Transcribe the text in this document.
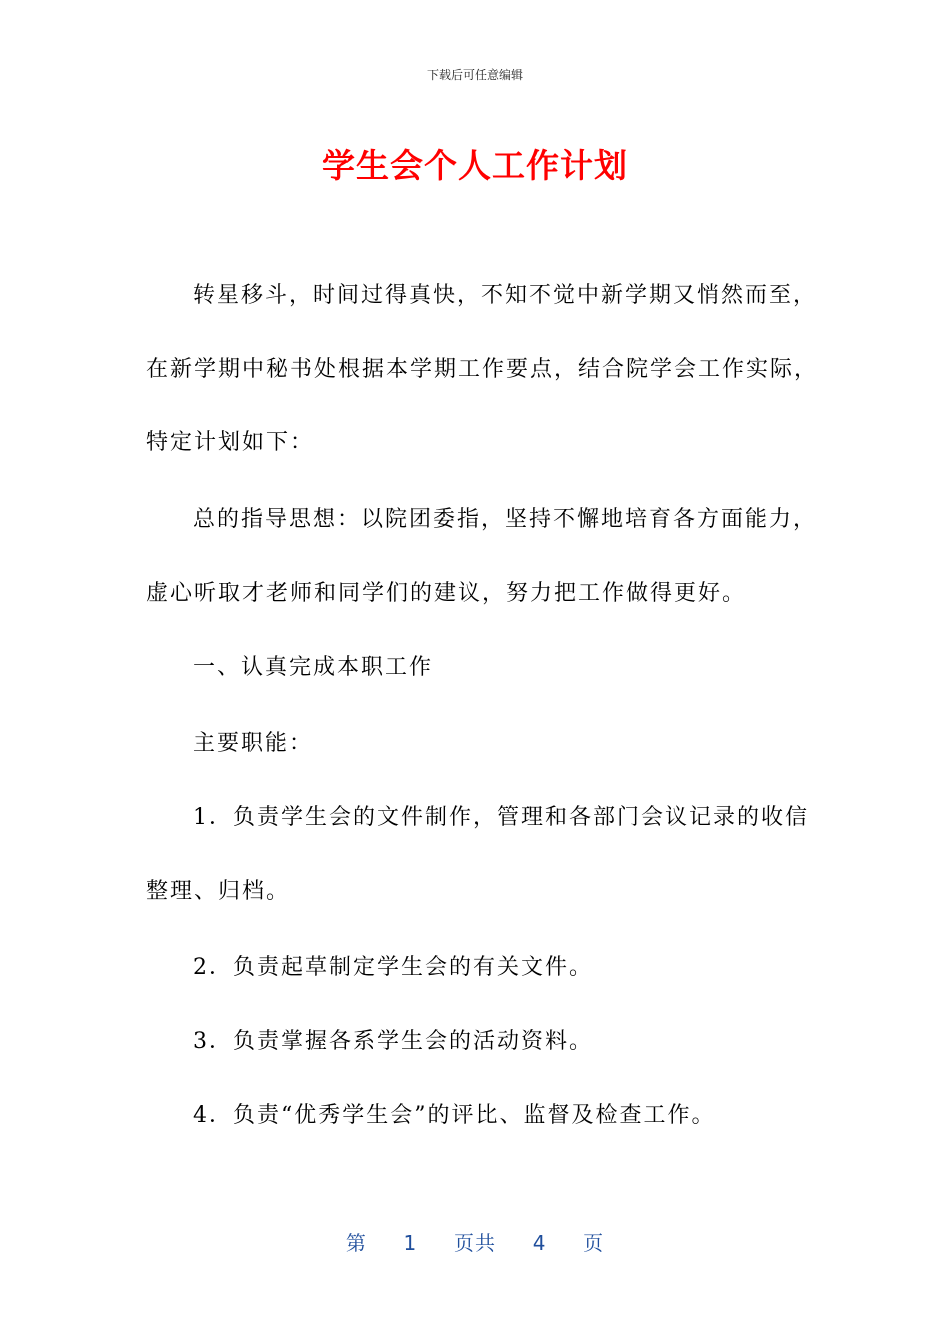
下载后可任意编辑
学生会个人工作计划
转星移斗，时间过得真快，不知不觉中新学期又悄然而至，
在新学期中秘书处根据本学期工作要点，结合院学会工作实际，
特定计划如下：
总的指导思想：以院团委指，坚持不懈地培育各方面能力，
虚心听取才老师和同学们的建议，努力把工作做得更好。
一、认真完成本职工作
主要职能：
1．负责学生会的文件制作，管理和各部门会议记录的收信
整理、归档。
2．负责起草制定学生会的有关文件。
3．负责掌握各系学生会的活动资料。
4．负责“优秀学生会”的评比、监督及检查工作。
第 1 页共 4 页
